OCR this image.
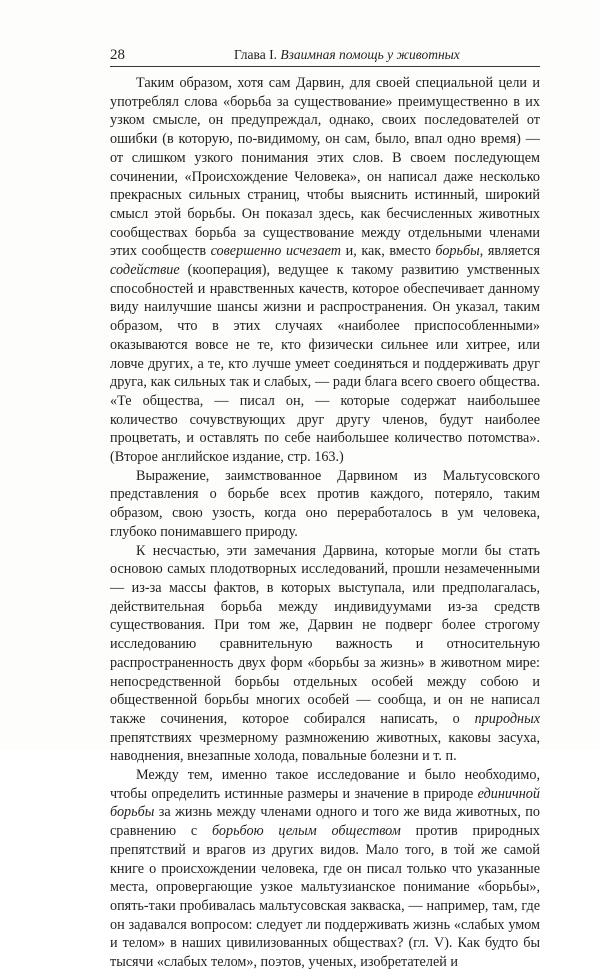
28	Глава I. Взаимная помощь у животных

Таким образом, хотя сам Дарвин, для своей специальной цели и употреблял слова «борьба за существование» преимущественно в их узком смысле, он предупреждал, однако, своих последователей от ошибки (в которую, по-видимому, он сам, было, впал одно время) — от слишком узкого понимания этих слов. В своем последующем сочинении, «Происхождение Человека», он написал даже несколько прекрасных сильных страниц, чтобы выяснить истинный, широкий смысл этой борьбы. Он показал здесь, как бесчисленных животных сообществах борьба за существование между отдельными членами этих сообществ совершенно исчезает и, как, вместо борьбы, является содействие (кооперация), ведущее к такому развитию умственных способностей и нравственных качеств, которое обеспечивает данному виду наилучшие шансы жизни и распространения. Он указал, таким образом, что в этих случаях «наиболее приспособленными» оказываются вовсе не те, кто физически сильнее или хитрее, или ловче других, а те, кто лучше умеет соединяться и поддерживать друг друга, как сильных так и слабых, — ради блага всего своего общества. «Те общества, — писал он, — которые содержат наибольшее количество сочувствующих друг другу членов, будут наиболее процветать, и оставлять по себе наибольшее количество потомства». (Второе английское издание, стр. 163.)

Выражение, заимствованное Дарвином из Мальтусовского представления о борьбе всех против каждого, потеряло, таким образом, свою узость, когда оно переработалось в ум человека, глубоко понимавшего природу.

К несчастью, эти замечания Дарвина, которые могли бы стать основою самых плодотворных исследований, прошли незамеченными — из-за массы фактов, в которых выступала, или предполагалась, действительная борьба между индивидуумами из-за средств существования. При том же, Дарвин не подверг более строгому исследованию сравнительную важность и относительную распространенность двух форм «борьбы за жизнь» в животном мире: непосредственной борьбы отдельных особей между собою и общественной борьбы многих особей — сообща, и он не написал также сочинения, которое собирался написать, о природных препятствиях чрезмерному размножению животных, каковы засуха, наводнения, внезапные холода, повальные болезни и т. п.

Между тем, именно такое исследование и было необходимо, чтобы определить истинные размеры и значение в природе единичной борьбы за жизнь между членами одного и того же вида животных, по сравнению с борьбою целым обществом против природных препятствий и врагов из других видов. Мало того, в той же самой книге о происхождении человека, где он писал только что указанные места, опровергающие узкое мальтузианское понимание «борьбы», опять-таки пробивалась мальтусовская закваска, — например, там, где он задавался вопросом: следует ли поддерживать жизнь «слабых умом и телом» в наших цивилизованных обществах? (гл. V). Как будто бы тысячи «слабых телом», поэтов, ученых, изобретателей и
